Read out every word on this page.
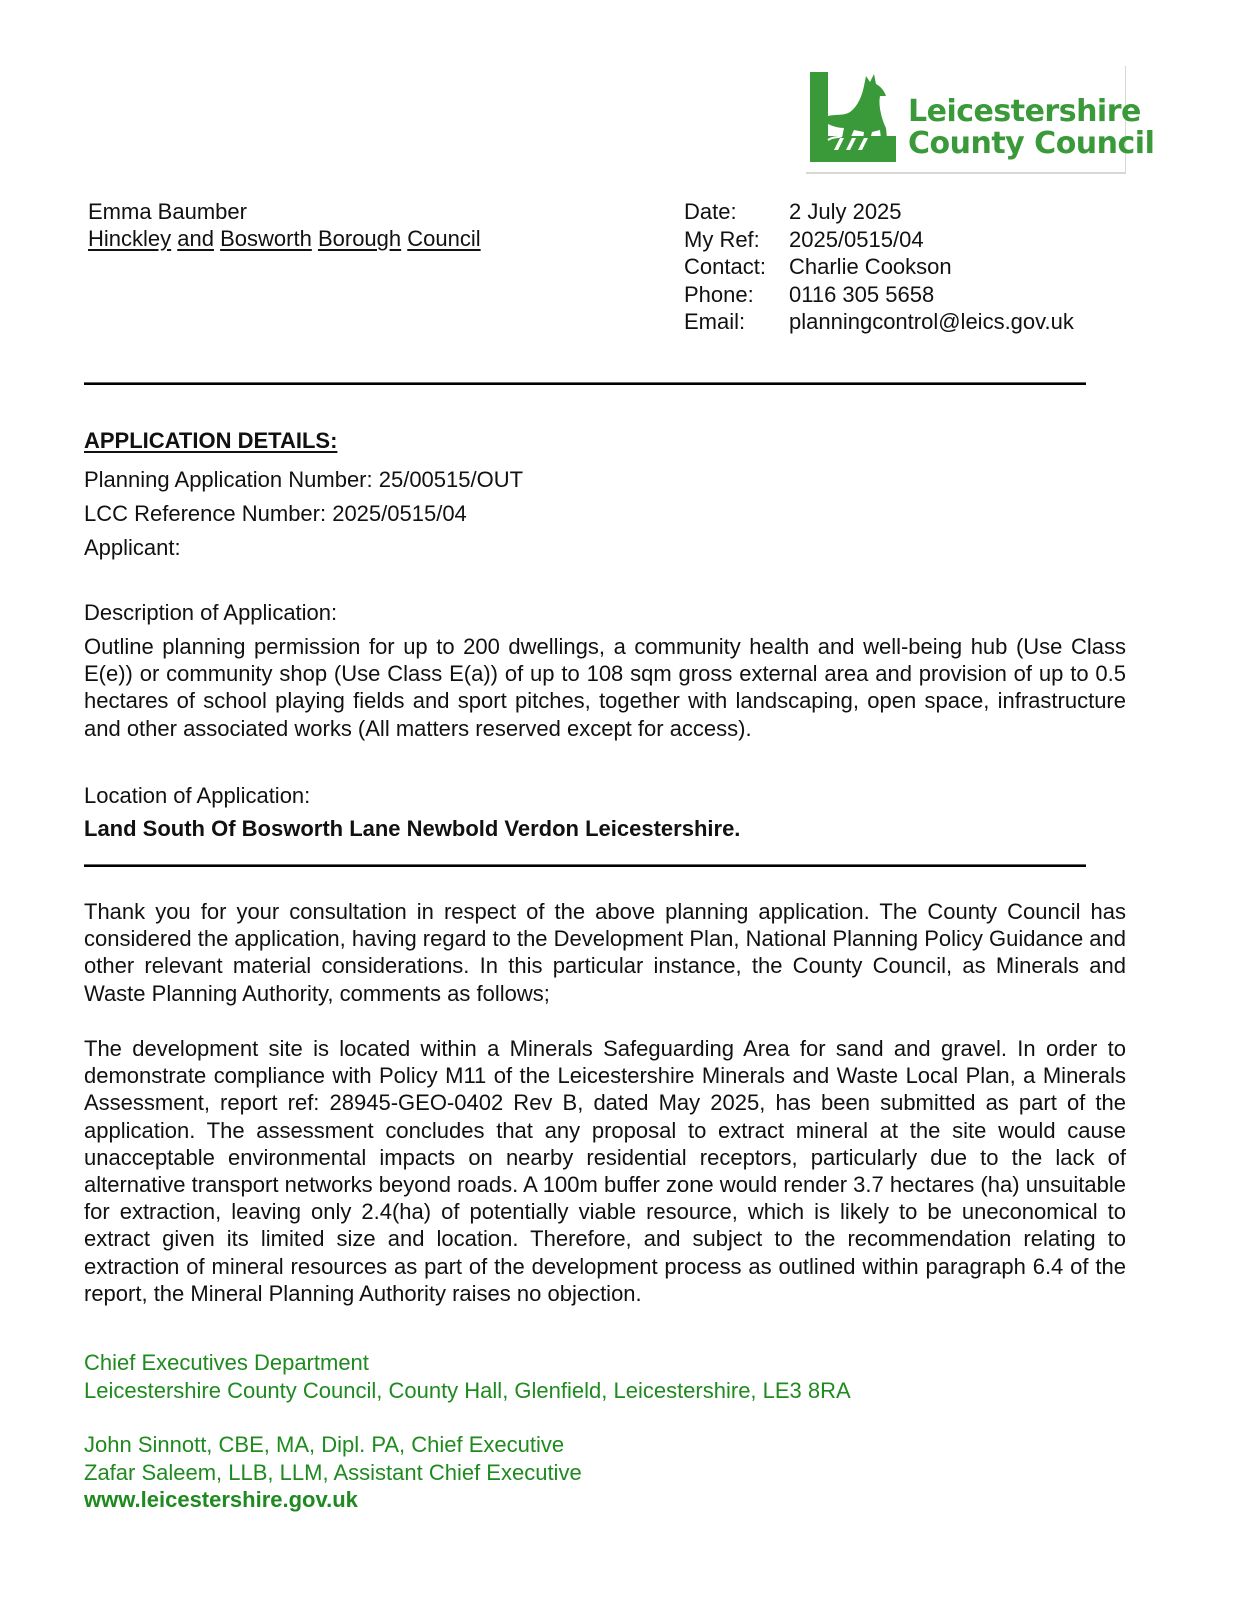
Leicestershire
County Council
Emma Baumber
Hinckley and Bosworth Borough Council
Date:	2 July 2025
My Ref:	2025/0515/04
Contact:	Charlie Cookson
Phone:	0116 305 5658
Email:	planningcontrol@leics.gov.uk
APPLICATION DETAILS:
Planning Application Number: 25/00515/OUT
LCC Reference Number: 2025/0515/04
Applicant:
Description of Application:
Outline planning permission for up to 200 dwellings, a community health and well-being hub (Use Class E(e)) or community shop (Use Class E(a)) of up to 108 sqm gross external area and provision of up to 0.5 hectares of school playing fields and sport pitches, together with landscaping, open space, infrastructure and other associated works (All matters reserved except for access).
Location of Application:
Land South Of Bosworth Lane Newbold Verdon Leicestershire.
Thank you for your consultation in respect of the above planning application. The County Council has considered the application, having regard to the Development Plan, National Planning Policy Guidance and other relevant material considerations. In this particular instance, the County Council, as Minerals and Waste Planning Authority, comments as follows;
The development site is located within a Minerals Safeguarding Area for sand and gravel. In order to demonstrate compliance with Policy M11 of the Leicestershire Minerals and Waste Local Plan, a Minerals Assessment, report ref: 28945-GEO-0402 Rev B, dated May 2025, has been submitted as part of the application. The assessment concludes that any proposal to extract mineral at the site would cause unacceptable environmental impacts on nearby residential receptors, particularly due to the lack of alternative transport networks beyond roads. A 100m buffer zone would render 3.7 hectares (ha) unsuitable for extraction, leaving only 2.4(ha) of potentially viable resource, which is likely to be uneconomical to extract given its limited size and location. Therefore, and subject to the recommendation relating to extraction of mineral resources as part of the development process as outlined within paragraph 6.4 of the report, the Mineral Planning Authority raises no objection.
Chief Executives Department
Leicestershire County Council, County Hall, Glenfield, Leicestershire, LE3 8RA
John Sinnott, CBE, MA, Dipl. PA, Chief Executive
Zafar Saleem, LLB, LLM, Assistant Chief Executive
www.leicestershire.gov.uk
